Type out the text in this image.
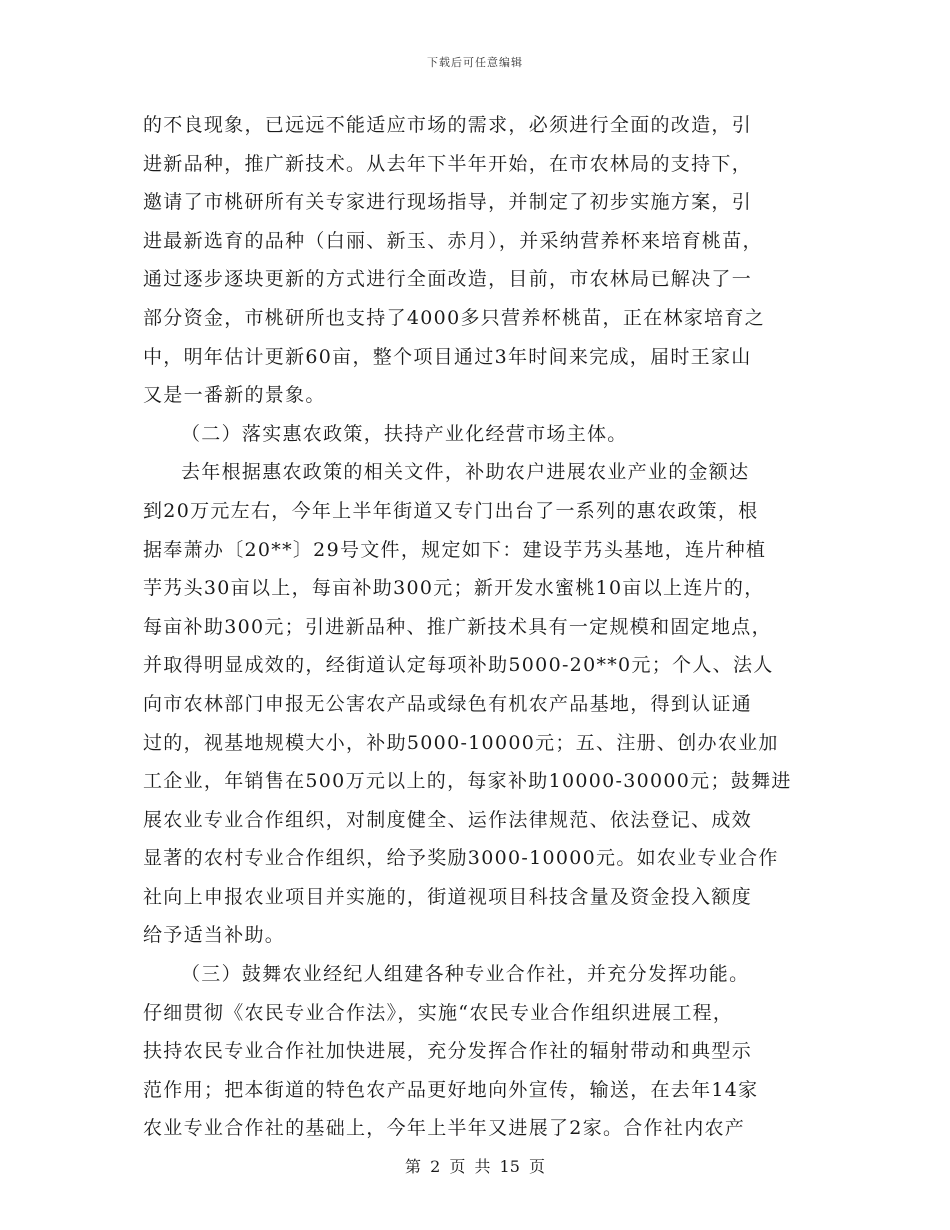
下载后可任意编辑
的不良现象，已远远不能适应市场的需求，必须进行全面的改造，引
进新品种，推广新技术。从去年下半年开始，在市农林局的支持下，
邀请了市桃研所有关专家进行现场指导，并制定了初步实施方案，引
进最新选育的品种（白丽、新玉、赤月），并采纳营养杯来培育桃苗，
通过逐步逐块更新的方式进行全面改造，目前，市农林局已解决了一
部分资金，市桃研所也支持了4000多只营养杯桃苗，正在林家培育之
中，明年估计更新60亩，整个项目通过3年时间来完成，届时王家山
又是一番新的景象。
（二）落实惠农政策，扶持产业化经营市场主体。
去年根据惠农政策的相关文件，补助农户进展农业产业的金额达
到20万元左右，今年上半年街道又专门出台了一系列的惠农政策，根
据奉萧办〔20**〕29号文件，规定如下：建设芋艿头基地，连片种植
芋艿头30亩以上，每亩补助300元；新开发水蜜桃10亩以上连片的，
每亩补助300元；引进新品种、推广新技术具有一定规模和固定地点，
并取得明显成效的，经街道认定每项补助5000-20**0元；个人、法人
向市农林部门申报无公害农产品或绿色有机农产品基地，得到认证通
过的，视基地规模大小，补助5000-10000元；五、注册、创办农业加
工企业，年销售在500万元以上的，每家补助10000-30000元；鼓舞进
展农业专业合作组织，对制度健全、运作法律规范、依法登记、成效
显著的农村专业合作组织，给予奖励3000-10000元。如农业专业合作
社向上申报农业项目并实施的，街道视项目科技含量及资金投入额度
给予适当补助。
（三）鼓舞农业经纪人组建各种专业合作社，并充分发挥功能。
仔细贯彻《农民专业合作法》，实施“农民专业合作组织进展工程，
扶持农民专业合作社加快进展，充分发挥合作社的辐射带动和典型示
范作用；把本街道的特色农产品更好地向外宣传，输送，在去年14家
农业专业合作社的基础上，今年上半年又进展了2家。合作社内农产
第 2 页 共 15 页
